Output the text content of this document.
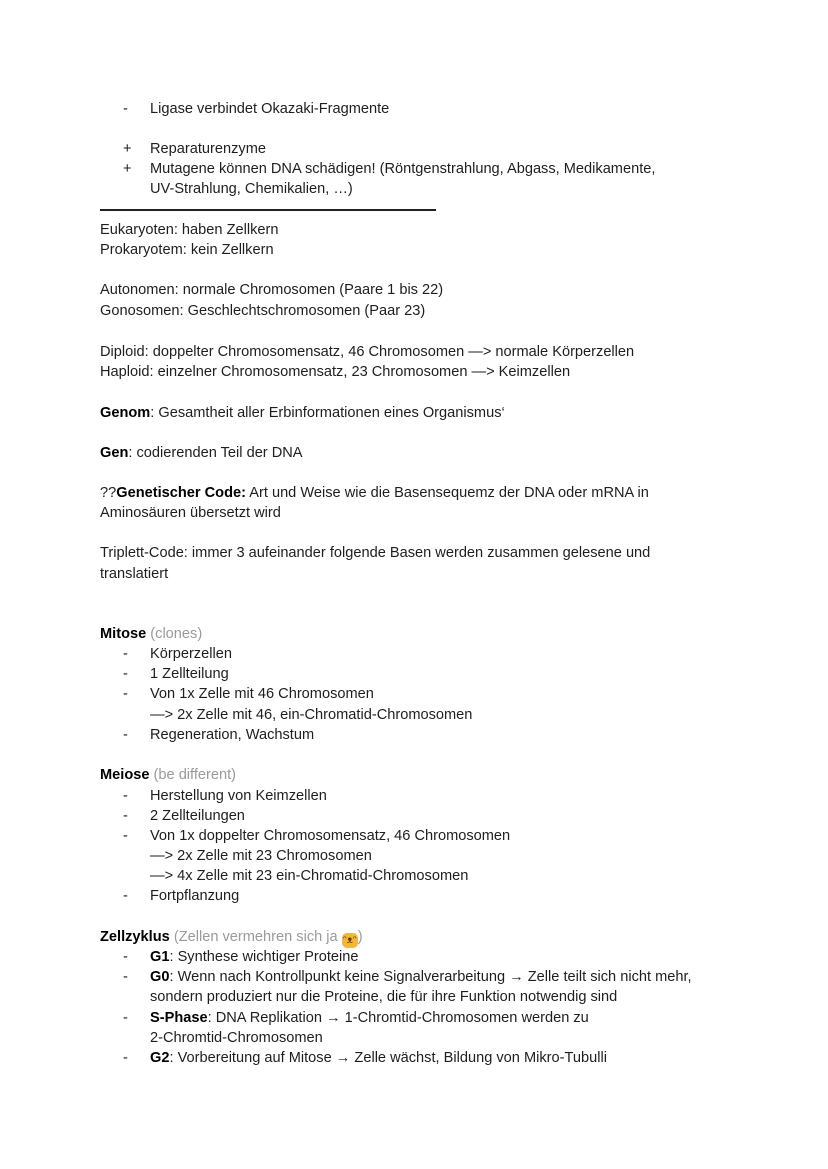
- Ligase verbindet Okazaki-Fragmente
+ Reparaturenzyme
+ Mutagene können DNA schädigen! (Röntgenstrahlung, Abgass, Medikamente,
UV-Strahlung, Chemikalien, …)
Eukaryoten: haben Zellkern
Prokaryotem: kein Zellkern
Autonomen: normale Chromosomen (Paare 1 bis 22)
Gonosomen: Geschlechtschromosomen (Paar 23)
Diploid: doppelter Chromosomensatz, 46 Chromosomen —> normale Körperzellen
Haploid: einzelner Chromosomensatz, 23 Chromosomen —> Keimzellen
Genom: Gesamtheit aller Erbinformationen eines Organismus‘
Gen: codierenden Teil der DNA
??Genetischer Code: Art und Weise wie die Basensequemz der DNA oder mRNA in
Aminosäuren übersetzt wird
Triplett-Code: immer 3 aufeinander folgende Basen werden zusammen gelesene und
translatiert
Mitose (clones)
- Körperzellen
- 1 Zellteilung
- Von 1x Zelle mit 46 Chromosomen
—> 2x Zelle mit 46, ein-Chromatid-Chromosomen
- Regeneration, Wachstum
Meiose (be different)
- Herstellung von Keimzellen
- 2 Zellteilungen
- Von 1x doppelter Chromosomensatz, 46 Chromosomen
—> 2x Zelle mit 23 Chromosomen
—> 4x Zelle mit 23 ein-Chromatid-Chromosomen
- Fortpflanzung
Zellzyklus (Zellen vermehren sich ja ᵔᴥᵔ)
- G1: Synthese wichtiger Proteine
- G0: Wenn nach Kontrollpunkt keine Signalverarbeitung → Zelle teilt sich nicht mehr,
sondern produziert nur die Proteine, die für ihre Funktion notwendig sind
- S-Phase: DNA Replikation → 1-Chromtid-Chromosomen werden zu
2-Chromtid-Chromosomen
- G2: Vorbereitung auf Mitose → Zelle wächst, Bildung von Mikro-Tubulli
